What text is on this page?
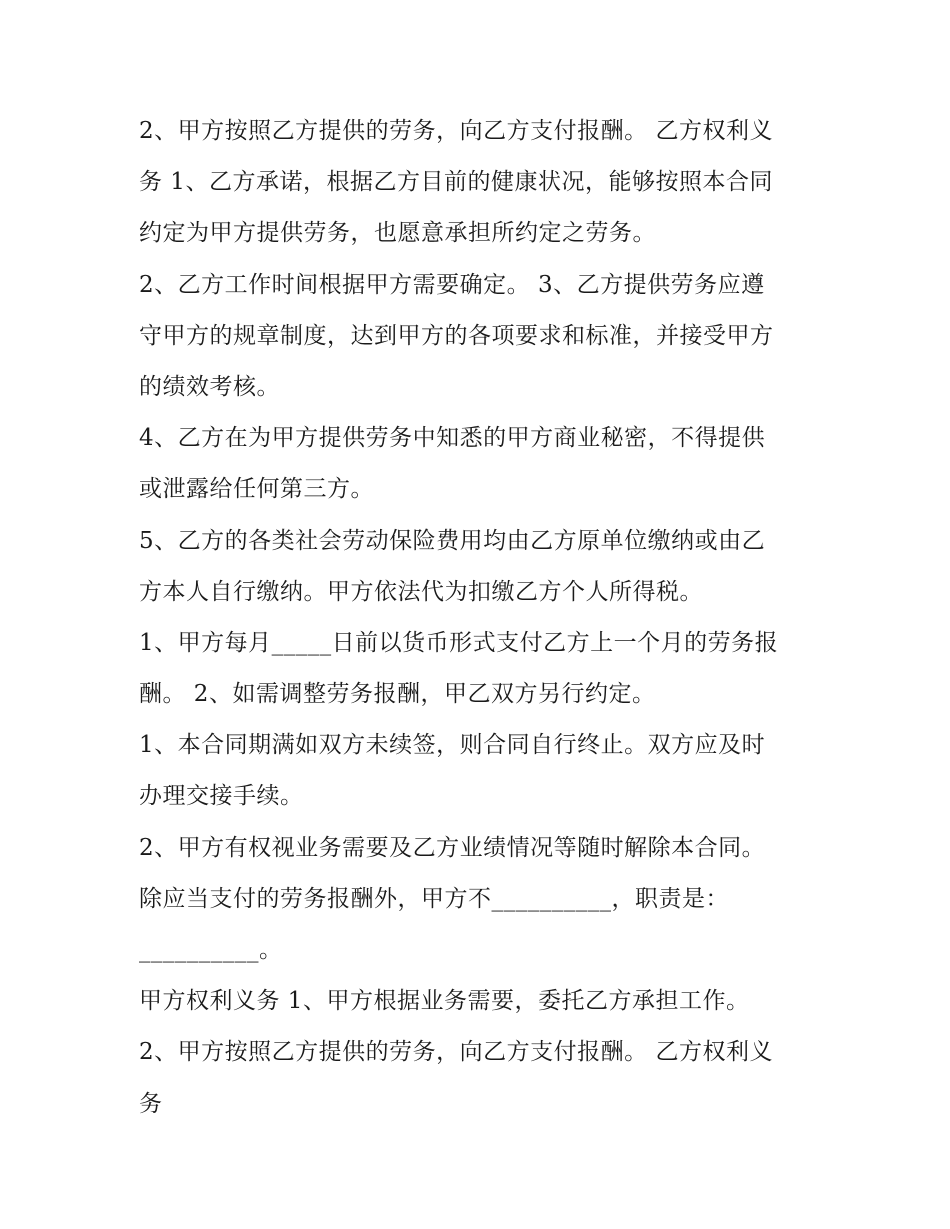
2、甲方按照乙方提供的劳务，向乙方支付报酬。 乙方权利义
务 1、乙方承诺，根据乙方目前的健康状况，能够按照本合同
约定为甲方提供劳务，也愿意承担所约定之劳务。
2、乙方工作时间根据甲方需要确定。 3、乙方提供劳务应遵
守甲方的规章制度，达到甲方的各项要求和标准，并接受甲方
的绩效考核。
4、乙方在为甲方提供劳务中知悉的甲方商业秘密，不得提供
或泄露给任何第三方。
5、乙方的各类社会劳动保险费用均由乙方原单位缴纳或由乙
方本人自行缴纳。甲方依法代为扣缴乙方个人所得税。
1、甲方每月_____日前以货币形式支付乙方上一个月的劳务报
酬。 2、如需调整劳务报酬，甲乙双方另行约定。
1、本合同期满如双方未续签，则合同自行终止。双方应及时
办理交接手续。
2、甲方有权视业务需要及乙方业绩情况等随时解除本合同。
除应当支付的劳务报酬外，甲方不__________，职责是：
__________。
甲方权利义务 1、甲方根据业务需要，委托乙方承担工作。
2、甲方按照乙方提供的劳务，向乙方支付报酬。 乙方权利义
务
